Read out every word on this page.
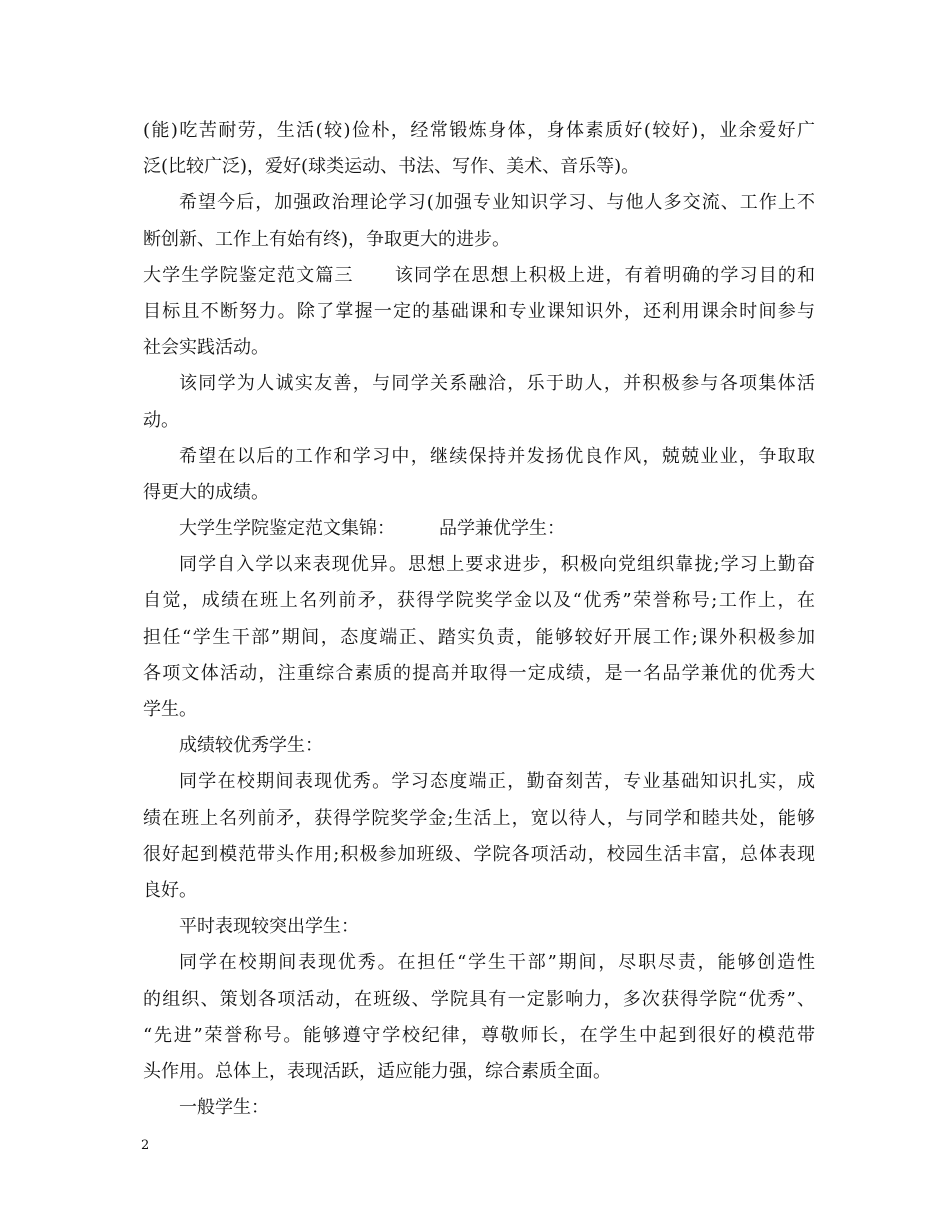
(能)吃苦耐劳，生活(较)俭朴，经常锻炼身体，身体素质好(较好)，业余爱好广
泛(比较广泛)，爱好(球类运动、书法、写作、美术、音乐等)。
希望今后，加强政治理论学习(加强专业知识学习、与他人多交流、工作上不
断创新、工作上有始有终)，争取更大的进步。
大学生学院鉴定范文篇三 该同学在思想上积极上进，有着明确的学习目的和
目标且不断努力。除了掌握一定的基础课和专业课知识外，还利用课余时间参与
社会实践活动。
该同学为人诚实友善，与同学关系融洽，乐于助人，并积极参与各项集体活
动。
希望在以后的工作和学习中，继续保持并发扬优良作风，兢兢业业，争取取
得更大的成绩。
大学生学院鉴定范文集锦： 品学兼优学生：
同学自入学以来表现优异。思想上要求进步，积极向党组织靠拢;学习上勤奋
自觉，成绩在班上名列前矛，获得学院奖学金以及“优秀”荣誉称号;工作上，在
担任“学生干部”期间，态度端正、踏实负责，能够较好开展工作;课外积极参加
各项文体活动，注重综合素质的提高并取得一定成绩，是一名品学兼优的优秀大
学生。
成绩较优秀学生：
同学在校期间表现优秀。学习态度端正，勤奋刻苦，专业基础知识扎实，成
绩在班上名列前矛，获得学院奖学金;生活上，宽以待人，与同学和睦共处，能够
很好起到模范带头作用;积极参加班级、学院各项活动，校园生活丰富，总体表现
良好。
平时表现较突出学生：
同学在校期间表现优秀。在担任“学生干部”期间，尽职尽责，能够创造性
的组织、策划各项活动，在班级、学院具有一定影响力，多次获得学院“优秀”、
“先进”荣誉称号。能够遵守学校纪律，尊敬师长，在学生中起到很好的模范带
头作用。总体上，表现活跃，适应能力强，综合素质全面。
一般学生：
2
